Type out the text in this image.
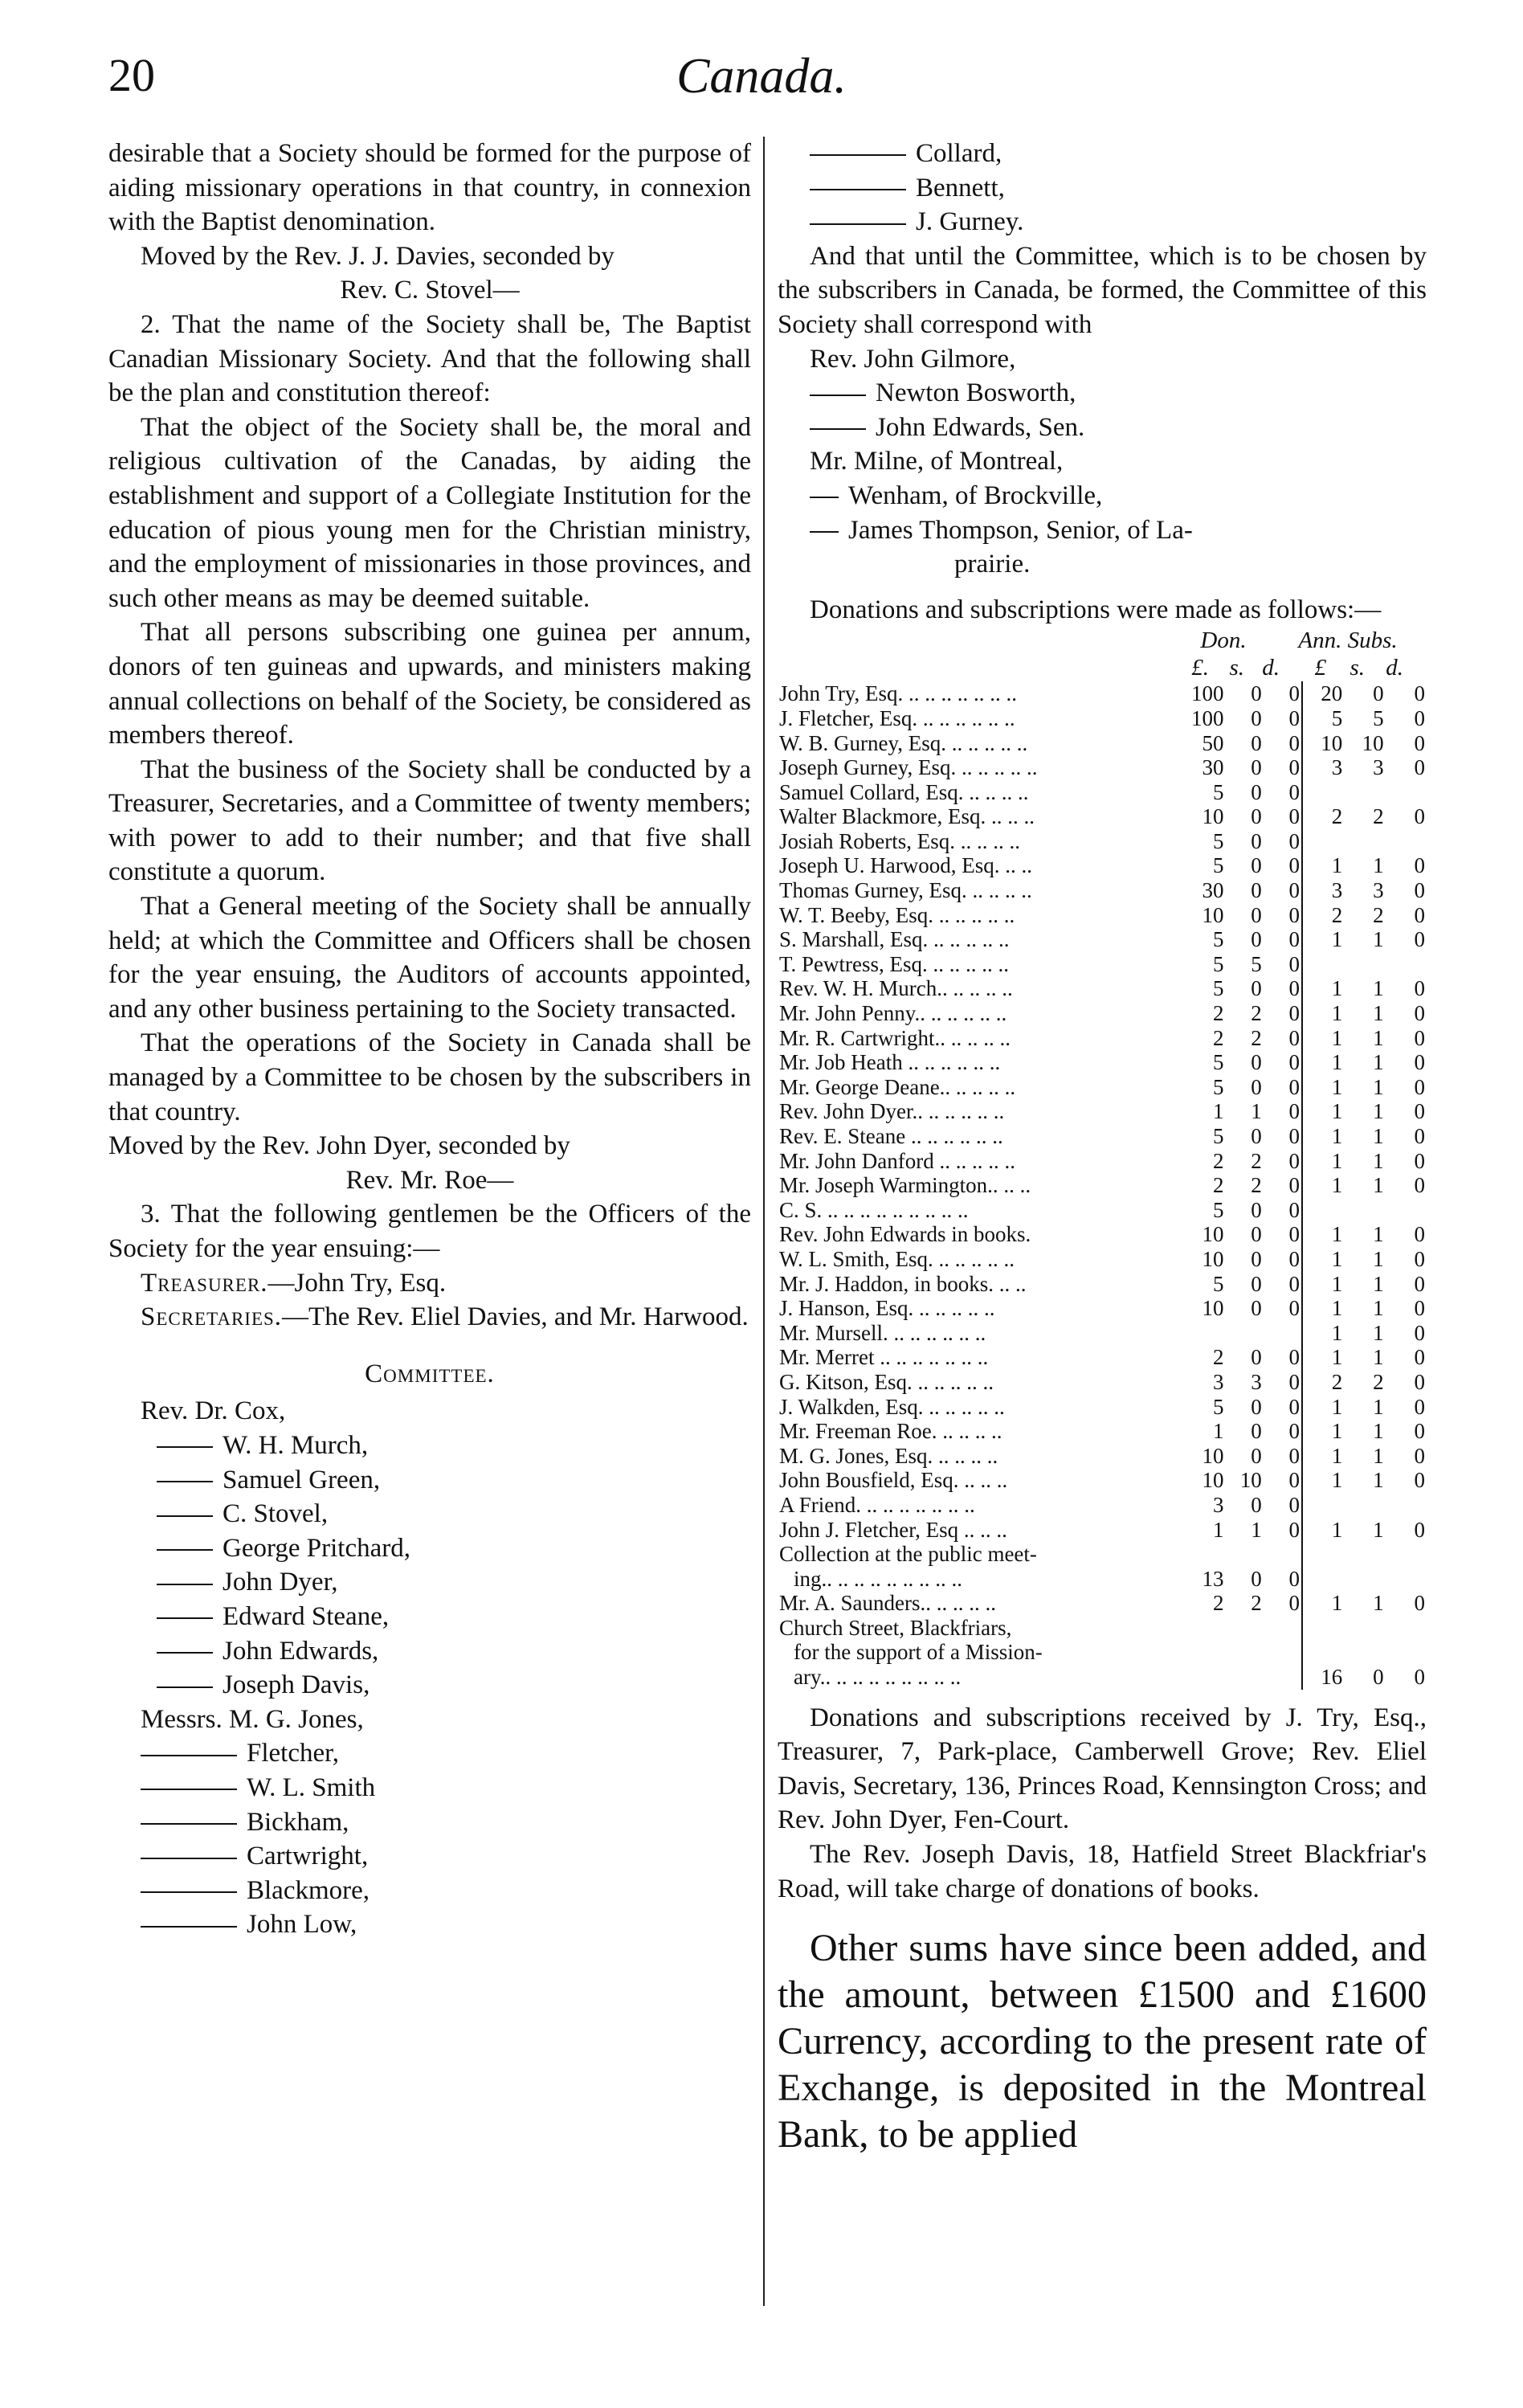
20	Canada.

desirable that a Society should be formed for the purpose of aiding missionary operations in that country, in connexion with the Baptist denomination.

Moved by the Rev. J. J. Davies, seconded by

Rev. C. Stovel—

2. That the name of the Society shall be, The Baptist Canadian Missionary Society. And that the following shall be the plan and constitution thereof:

That the object of the Society shall be, the moral and religious cultivation of the Canadas, by aiding the establishment and support of a Collegiate Institution for the education of pious young men for the Christian ministry, and the employment of missionaries in those provinces, and such other means as may be deemed suitable.

That all persons subscribing one guinea per annum, donors of ten guineas and upwards, and ministers making annual collections on behalf of the Society, be considered as members thereof.

That the business of the Society shall be conducted by a Treasurer, Secretaries, and a Committee of twenty members; with power to add to their number; and that five shall constitute a quorum.

That a General meeting of the Society shall be annually held; at which the Committee and Officers shall be chosen for the year ensuing, the Auditors of accounts appointed, and any other business pertaining to the Society transacted.

That the operations of the Society in Canada shall be managed by a Committee to be chosen by the subscribers in that country.

Moved by the Rev. John Dyer, seconded by

Rev. Mr. Roe—

3. That the following gentlemen be the Officers of the Society for the year ensuing:—

Treasurer.—John Try, Esq.

Secretaries.—The Rev. Eliel Davies, and Mr. Harwood.

Committee.

Rev. Dr. Cox,
W. H. Murch,
Samuel Green,
C. Stovel,
George Pritchard,
John Dyer,
Edward Steane,
John Edwards,
Joseph Davis,
Messrs. M. G. Jones,
Fletcher,
W. L. Smith
Bickham,
Cartwright,
Blackmore,
John Low,
Collard,
Bennett,
J. Gurney.

And that until the Committee, which is to be chosen by the subscribers in Canada, be formed, the Committee of this Society shall correspond with

Rev. John Gilmore,
Newton Bosworth,
John Edwards, Sen.
Mr. Milne, of Montreal,
Wenham, of Brockville,
James Thompson, Senior, of La-
prairie.

Donations and subscriptions were made as follows:—

Don.	Ann. Subs.
£. s. d.	£	s. d.
John Try, Esq. .. .. .. .. .. .. ..	100	0	0	20	0	0
J. Fletcher, Esq. .. .. .. .. .. ..	100	0	0	5	5	0
W. B. Gurney, Esq. .. .. .. .. ..	50	0	0	10	10	0
Joseph Gurney, Esq. .. .. .. .. ..	30	0	0	3	3	0
Samuel Collard, Esq. .. .. .. ..	5	0	0			
Walter Blackmore, Esq. .. .. ..	10	0	0	2	2	0
Josiah Roberts, Esq. .. .. .. ..	5	0	0			
Joseph U. Harwood, Esq. .. ..	5	0	0	1	1	0
Thomas Gurney, Esq. .. .. .. ..	30	0	0	3	3	0
W. T. Beeby, Esq. .. .. .. .. ..	10	0	0	2	2	0
S. Marshall, Esq. .. .. .. .. ..	5	0	0	1	1	0
T. Pewtress, Esq. .. .. .. .. ..	5	5	0			
Rev. W. H. Murch.. .. .. .. ..	5	0	0	1	1	0
Mr. John Penny.. .. .. .. .. ..	2	2	0	1	1	0
Mr. R. Cartwright.. .. .. .. ..	2	2	0	1	1	0
Mr. Job Heath .. .. .. .. .. ..	5	0	0	1	1	0
Mr. George Deane.. .. .. .. ..	5	0	0	1	1	0
Rev. John Dyer.. .. .. .. .. ..	1	1	0	1	1	0
Rev. E. Steane .. .. .. .. .. ..	5	0	0	1	1	0
Mr. John Danford .. .. .. .. ..	2	2	0	1	1	0
Mr. Joseph Warmington.. .. ..	2	2	0	1	1	0
C. S. .. .. .. .. .. .. .. .. ..	5	0	0			
Rev. John Edwards in books.	10	0	0	1	1	0
W. L. Smith, Esq. .. .. .. .. ..	10	0	0	1	1	0
Mr. J. Haddon, in books. .. ..	5	0	0	1	1	0
J. Hanson, Esq. .. .. .. .. ..	10	0	0	1	1	0
Mr. Mursell. .. .. .. .. .. ..				1	1	0
Mr. Merret .. .. .. .. .. .. ..	2	0	0	1	1	0
G. Kitson, Esq. .. .. .. .. ..	3	3	0	2	2	0
J. Walkden, Esq. .. .. .. .. ..	5	0	0	1	1	0
Mr. Freeman Roe. .. .. .. ..	1	0	0	1	1	0
M. G. Jones, Esq. .. .. .. ..	10	0	0	1	1	0
John Bousfield, Esq. .. .. ..	10	10	0	1	1	0
A Friend. .. .. .. .. .. .. ..	3	0	0			
John J. Fletcher, Esq .. .. ..	1	1	0	1	1	0
Collection at the public meet-						
ing.. .. .. .. .. .. .. .. ..	13	0	0			
Mr. A. Saunders.. .. .. .. ..	2	2	0	1	1	0
Church Street, Blackfriars,						
for the support of a Mission-						
ary.. .. .. .. .. .. .. .. ..				16	0	0

Donations and subscriptions received by J. Try, Esq., Treasurer, 7, Park-place, Camberwell Grove; Rev. Eliel Davis, Secretary, 136, Princes Road, Kennsington Cross; and Rev. John Dyer, Fen-Court.

The Rev. Joseph Davis, 18, Hatfield Street Blackfriar's Road, will take charge of donations of books.

Other sums have since been added, and the amount, between £1500 and £1600 Currency, according to the present rate of Exchange, is deposited in the Montreal Bank, to be applied
